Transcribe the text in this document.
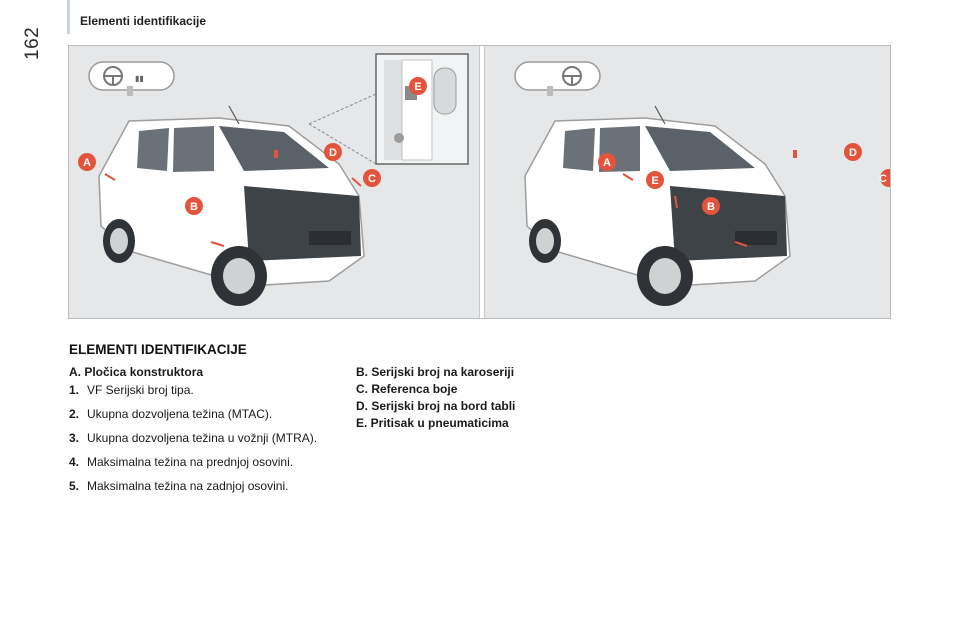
162
Elementi identifikacije
▮▮
A
B
C
D
E
A
E
B
C
D
ELEMENTI IDENTIFIKACIJE
A. Pločica konstruktora
1. VF Serijski broj tipa.
2. Ukupna dozvoljena težina (MTAC).
3. Ukupna dozvoljena težina u vožnji (MTRA).
4. Maksimalna težina na prednjoj osovini.
5. Maksimalna težina na zadnjoj osovini.
B. Serijski broj na karoseriji
C. Referenca boje
D. Serijski broj na bord tabli
E. Pritisak u pneumaticima
